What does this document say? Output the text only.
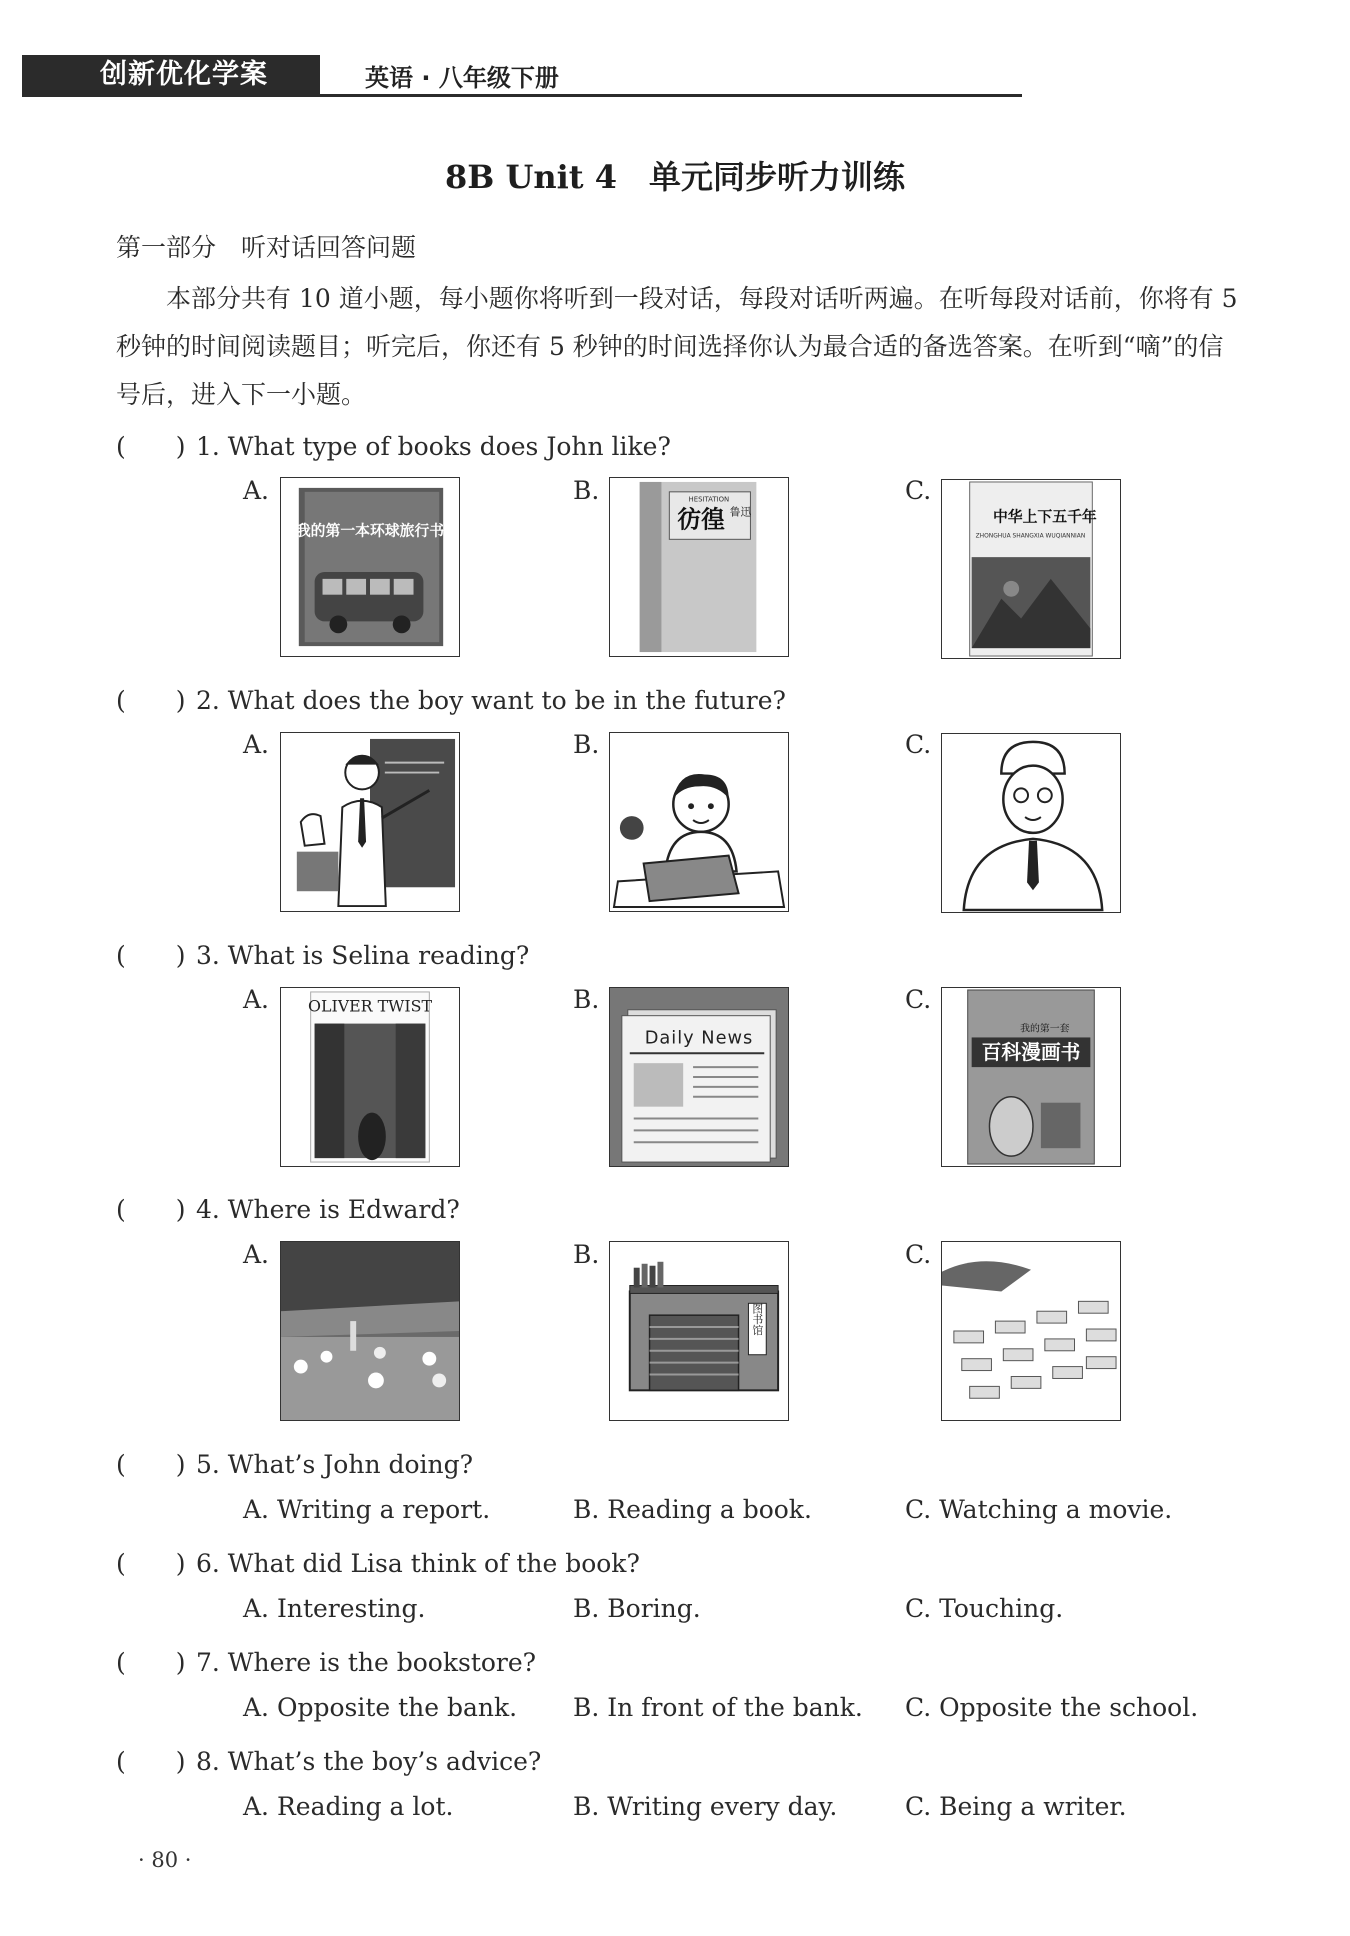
创新优化学案	英语 · 八年级下册
8B Unit 4　单元同步听力训练
第一部分　听对话回答问题
本部分共有 10 道小题，每小题你将听到一段对话，每段对话听两遍。在听每段对话前，你将有 5 秒钟的时间阅读题目；听完后，你还有 5 秒钟的时间选择你认为最合适的备选答案。在听到“嘀”的信号后，进入下一小题。
(　　) 1. What type of books does John like?
A.
我的第一本环球旅行书
B.	HESITATION
彷徨 鲁迅
C.
中华上下五千年
ZHONGHUA SHANGXIA WUQIANNIAN
(　　) 2. What does the boy want to be in the future?
A.	B.	C.
(　　) 3. What is Selina reading?
A. OLIVER TWIST	B.
Daily News
C.
我的第一套
百科漫画书
(　　) 4. Where is Edward?
A.	B.
图书馆
C.
(　　) 5. What’s John doing?
A. Writing a report.	B. Reading a book.	C. Watching a movie.
(　　) 6. What did Lisa think of the book?
A. Interesting.	B. Boring.	C. Touching.
(　　) 7. Where is the bookstore?
A. Opposite the bank. B. In front of the bank. C. Opposite the school.
(　　) 8. What’s the boy’s advice?
A. Reading a lot.	B. Writing every day.	C. Being a writer.
· 80 ·
